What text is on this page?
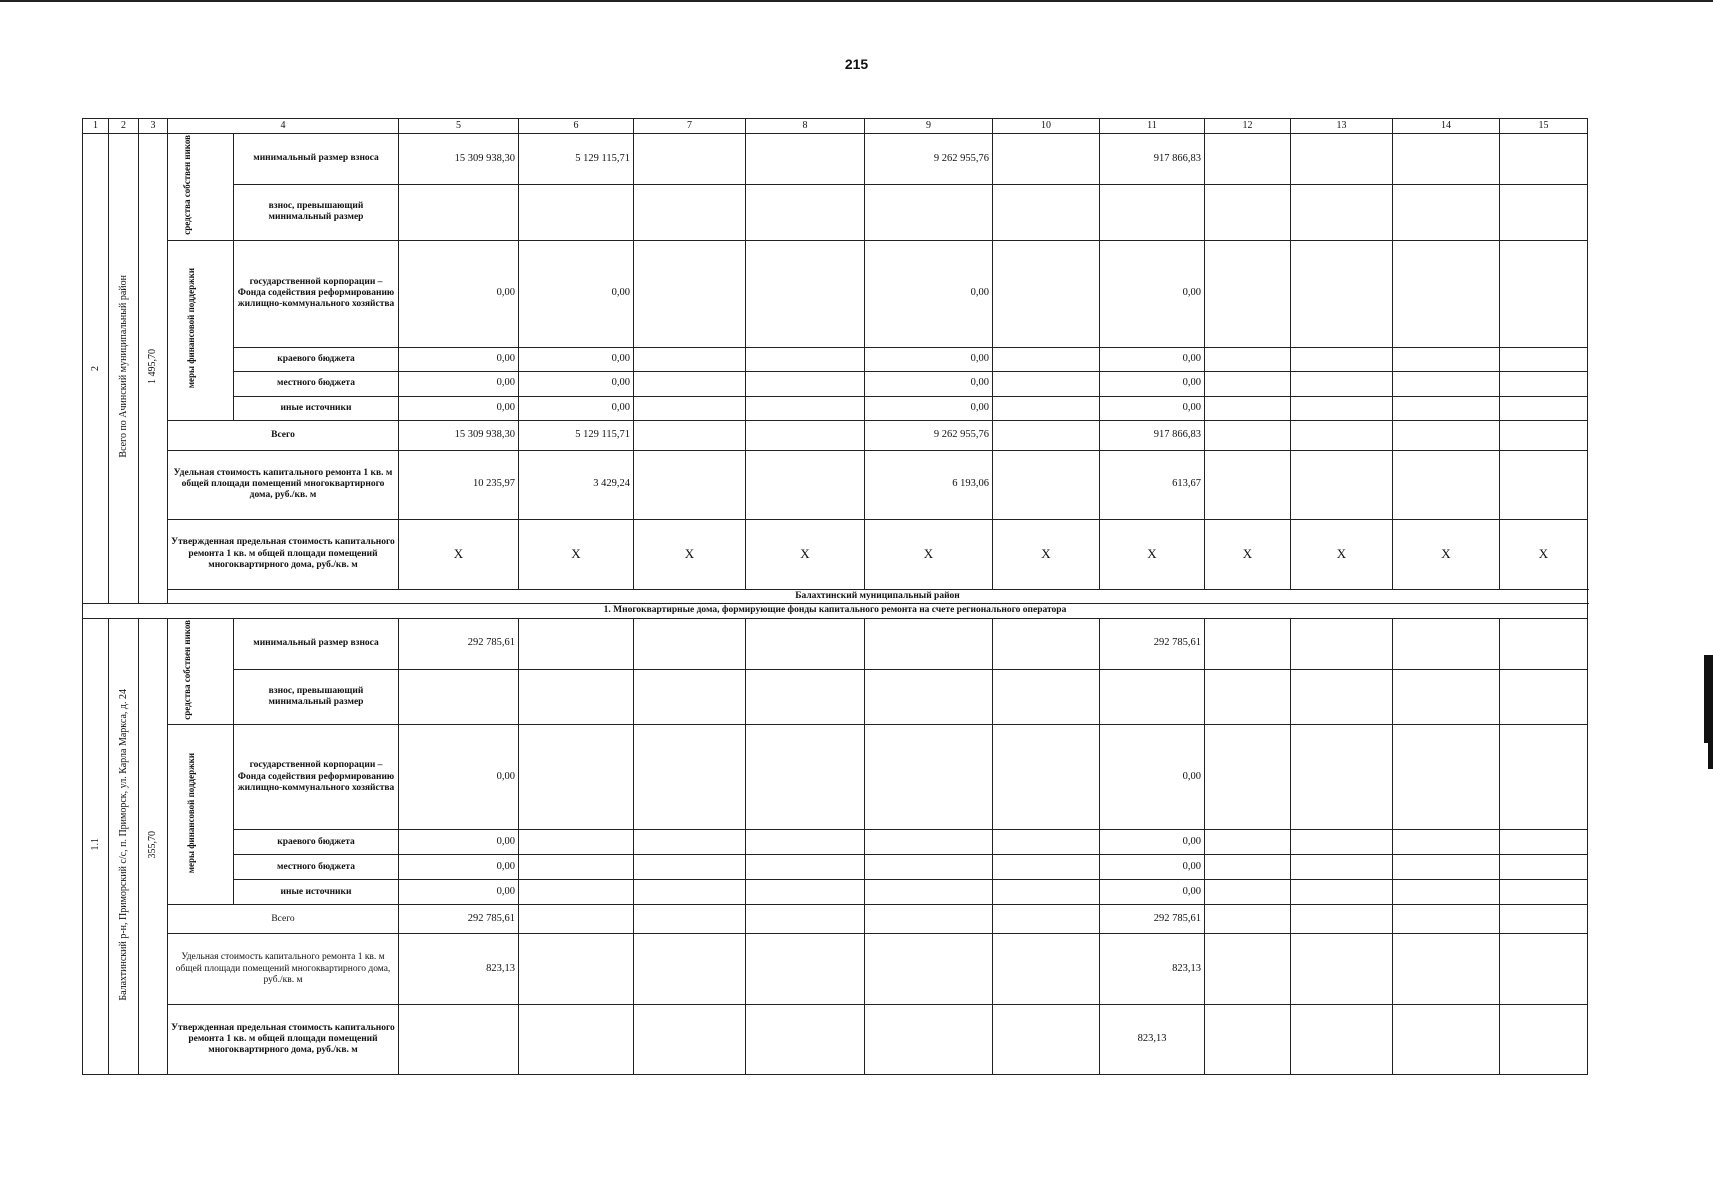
215
1	2	3	4		5	6	7	8	9	10	11	12	13	14	15
2	Всего по Ачинский муниципальный район	1 495,70	средства собствен ников	минимальный размер взноса	15 309 938,30	5 129 115,71			9 262 955,76		917 866,83				
				взнос, превышающий минимальный размер											
			меры финансовой поддержки	государственной корпорации – Фонда содействия реформированию жилищно-коммунального хозяйства	0,00	0,00			0,00		0,00				
				краевого бюджета	0,00	0,00			0,00		0,00				
				местного бюджета	0,00	0,00			0,00		0,00				
				иные источники	0,00	0,00			0,00		0,00				
			Всего		15 309 938,30	5 129 115,71			9 262 955,76		917 866,83				
			Удельная стоимость капитального ремонта 1 кв. м общей площади помещений многоквартирного дома, руб./кв. м		10 235,97	3 429,24			6 193,06		613,67				
			Утвержденная предельная стоимость капитального ремонта 1 кв. м общей площади помещений многоквартирного дома, руб./кв. м		X	X	X	X	X	X	X	X	X	X	X
			Балахтинский муниципальный район												
1. Многоквартирные дома, формирующие фонды капитального ремонта на счете регионального оператора															
1.1	Балахтинский р-н, Приморский с/с, п. Приморск, ул. Карла Маркса, д. 24	355,70	средства собствен ников	минимальный размер взноса	292 785,61						292 785,61				
				взнос, превышающий минимальный размер											
			меры финансовой поддержки	государственной корпорации – Фонда содействия реформированию жилищно-коммунального хозяйства	0,00						0,00				
				краевого бюджета	0,00						0,00				
				местного бюджета	0,00						0,00				
				иные источники	0,00						0,00				
			Всего		292 785,61						292 785,61				
			Удельная стоимость капитального ремонта 1 кв. м общей площади помещений многоквартирного дома, руб./кв. м		823,13						823,13				
			Утвержденная предельная стоимость капитального ремонта 1 кв. м общей площади помещений многоквартирного дома, руб./кв. м								823,13				
